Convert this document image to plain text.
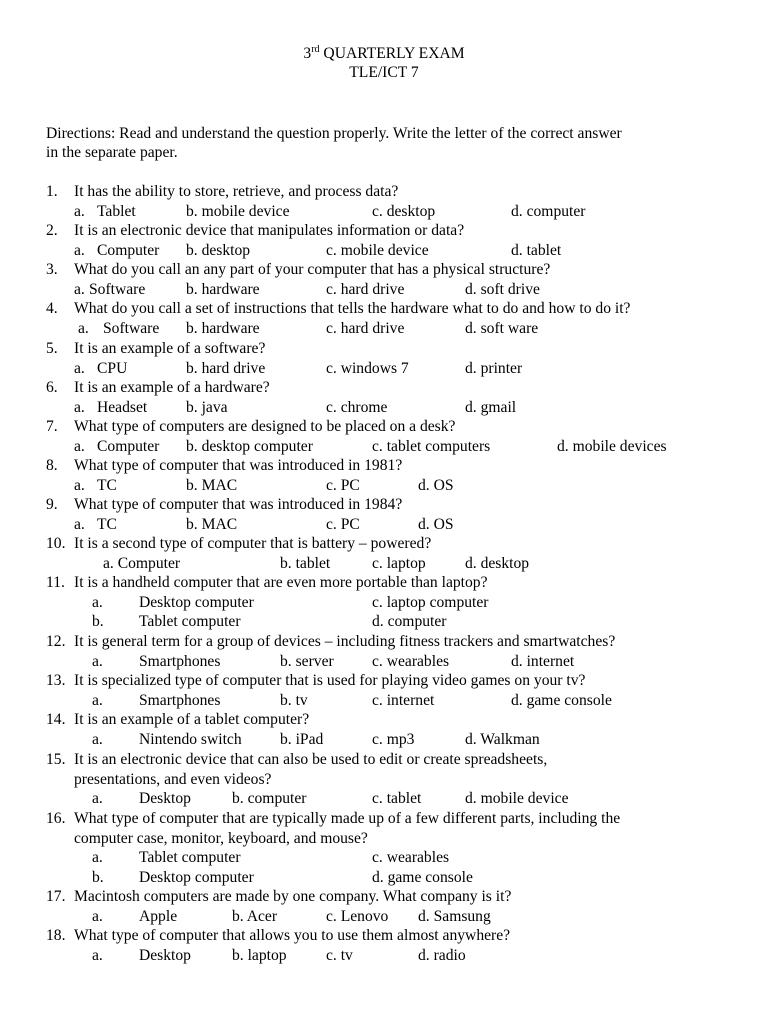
3rd QUARTERLY EXAM
TLE/ICT 7
Directions: Read and understand the question properly. Write the letter of the correct answer
in the separate paper.
1. It has the ability to store, retrieve, and process data?
a. Tablet	b. mobile device	c. desktop	d. computer
2. It is an electronic device that manipulates information or data?
a. Computer b. desktop	c. mobile device	d. tablet
3. What do you call an any part of your computer that has a physical structure?
a. Software	b. hardware	c. hard drive	d. soft drive
4. What do you call a set of instructions that tells the hardware what to do and how to do it?
a. Software b. hardware	c. hard drive	d. soft ware
5. It is an example of a software?
a. CPU	b. hard drive	c. windows 7	d. printer
6. It is an example of a hardware?
a. Headset b. java	c. chrome	d. gmail
7. What type of computers are designed to be placed on a desk?
a. Computer b. desktop computer	c. tablet computers	d. mobile devices
8. What type of computer that was introduced in 1981?
a. TC	b. MAC	c. PC	d. OS
9. What type of computer that was introduced in 1984?
a. TC	b. MAC	c. PC	d. OS
10. It is a second type of computer that is battery – powered?
a. Computer	b. tablet	c. laptop	d. desktop
11. It is a handheld computer that are even more portable than laptop?
a. Desktop computer	c. laptop computer
b. Tablet computer	d. computer
12. It is general term for a group of devices – including fitness trackers and smartwatches?
a. Smartphones	b. server c. wearables	d. internet
13. It is specialized type of computer that is used for playing video games on your tv?
a. Smartphones	b. tv	c. internet	d. game console
14. It is an example of a tablet computer?
a. Nintendo switch b. iPad	c. mp3	d. Walkman
15. It is an electronic device that can also be used to edit or create spreadsheets,
presentations, and even videos?
a. Desktop	b. computer	c. tablet	d. mobile device
16. What type of computer that are typically made up of a few different parts, including the
computer case, monitor, keyboard, and mouse?
a. Tablet computer	c. wearables
b. Desktop computer	d. game console
17. Macintosh computers are made by one company. What company is it?
a. Apple	b. Acer	c. Lenovo d. Samsung
18. What type of computer that allows you to use them almost anywhere?
a. Desktop	b. laptop	c. tv	d. radio
